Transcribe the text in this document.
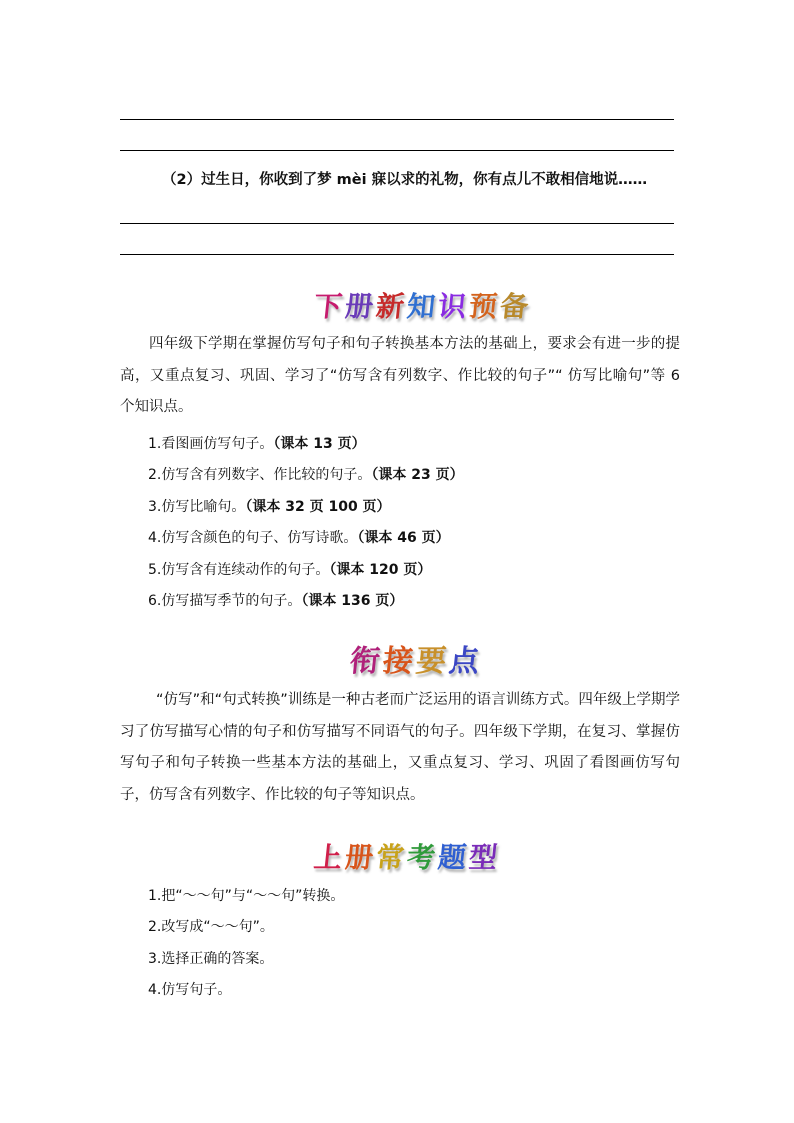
（2）过生日，你收到了梦 mèi 寐以求的礼物，你有点儿不敢相信地说……
下
册
新
知
识
预
备
四年级下学期在掌握仿写句子和句子转换基本方法的基础上，要求会有进一步的提高，又重点复习、巩固、学习了“仿写含有列数字、作比较的句子”“ 仿写比喻句”等 6 个知识点。
1.看图画仿写句子。（课本 13 页）
2.仿写含有列数字、作比较的句子。（课本 23 页）
3.仿写比喻句。（课本 32 页 100 页）
4.仿写含颜色的句子、仿写诗歌。（课本 46 页）
5.仿写含有连续动作的句子。（课本 120 页）
6.仿写描写季节的句子。（课本 136 页）
衔
接
要
点
“仿写”和“句式转换”训练是一种古老而广泛运用的语言训练方式。四年级上学期学习了仿写描写心情的句子和仿写描写不同语气的句子。四年级下学期，在复习、掌握仿写句子和句子转换一些基本方法的基础上，又重点复习、学习、巩固了看图画仿写句子，仿写含有列数字、作比较的句子等知识点。
上
册
常
考
题
型
1.把“～～句”与“～～句”转换。
2.改写成“～～句”。
3.选择正确的答案。
4.仿写句子。
